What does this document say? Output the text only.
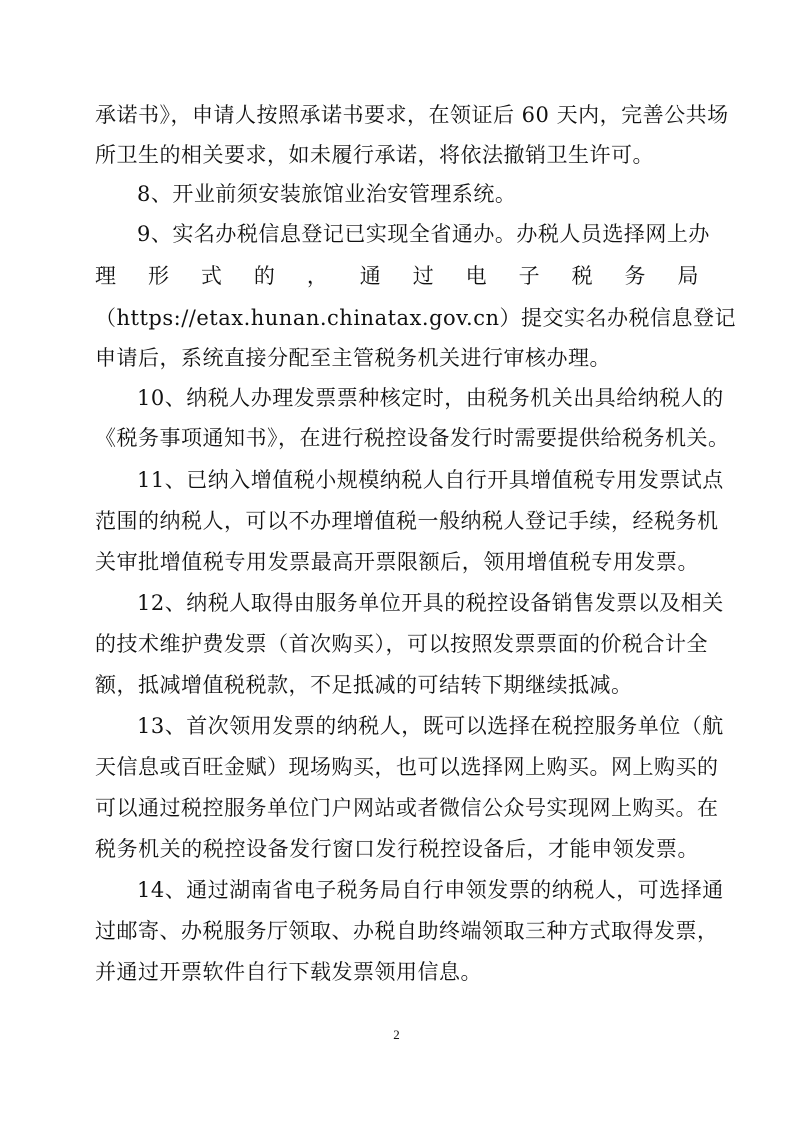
承诺书》，申请人按照承诺书要求，在领证后 60 天内，完善公共场
所卫生的相关要求，如未履行承诺，将依法撤销卫生许可。
8、开业前须安装旅馆业治安管理系统。
9、实名办税信息登记已实现全省通办。办税人员选择网上办
理 形 式 的 ， 通 过 电 子 税 务 局
（https://etax.hunan.chinatax.gov.cn）提交实名办税信息登记
申请后，系统直接分配至主管税务机关进行审核办理。
10、纳税人办理发票票种核定时，由税务机关出具给纳税人的
《税务事项通知书》，在进行税控设备发行时需要提供给税务机关。
11、已纳入增值税小规模纳税人自行开具增值税专用发票试点
范围的纳税人，可以不办理增值税一般纳税人登记手续，经税务机
关审批增值税专用发票最高开票限额后，领用增值税专用发票。
12、纳税人取得由服务单位开具的税控设备销售发票以及相关
的技术维护费发票（首次购买），可以按照发票票面的价税合计全
额，抵减增值税税款，不足抵减的可结转下期继续抵减。
13、首次领用发票的纳税人，既可以选择在税控服务单位（航
天信息或百旺金赋）现场购买，也可以选择网上购买。网上购买的
可以通过税控服务单位门户网站或者微信公众号实现网上购买。在
税务机关的税控设备发行窗口发行税控设备后，才能申领发票。
14、通过湖南省电子税务局自行申领发票的纳税人，可选择通
过邮寄、办税服务厅领取、办税自助终端领取三种方式取得发票，
并通过开票软件自行下载发票领用信息。
2
